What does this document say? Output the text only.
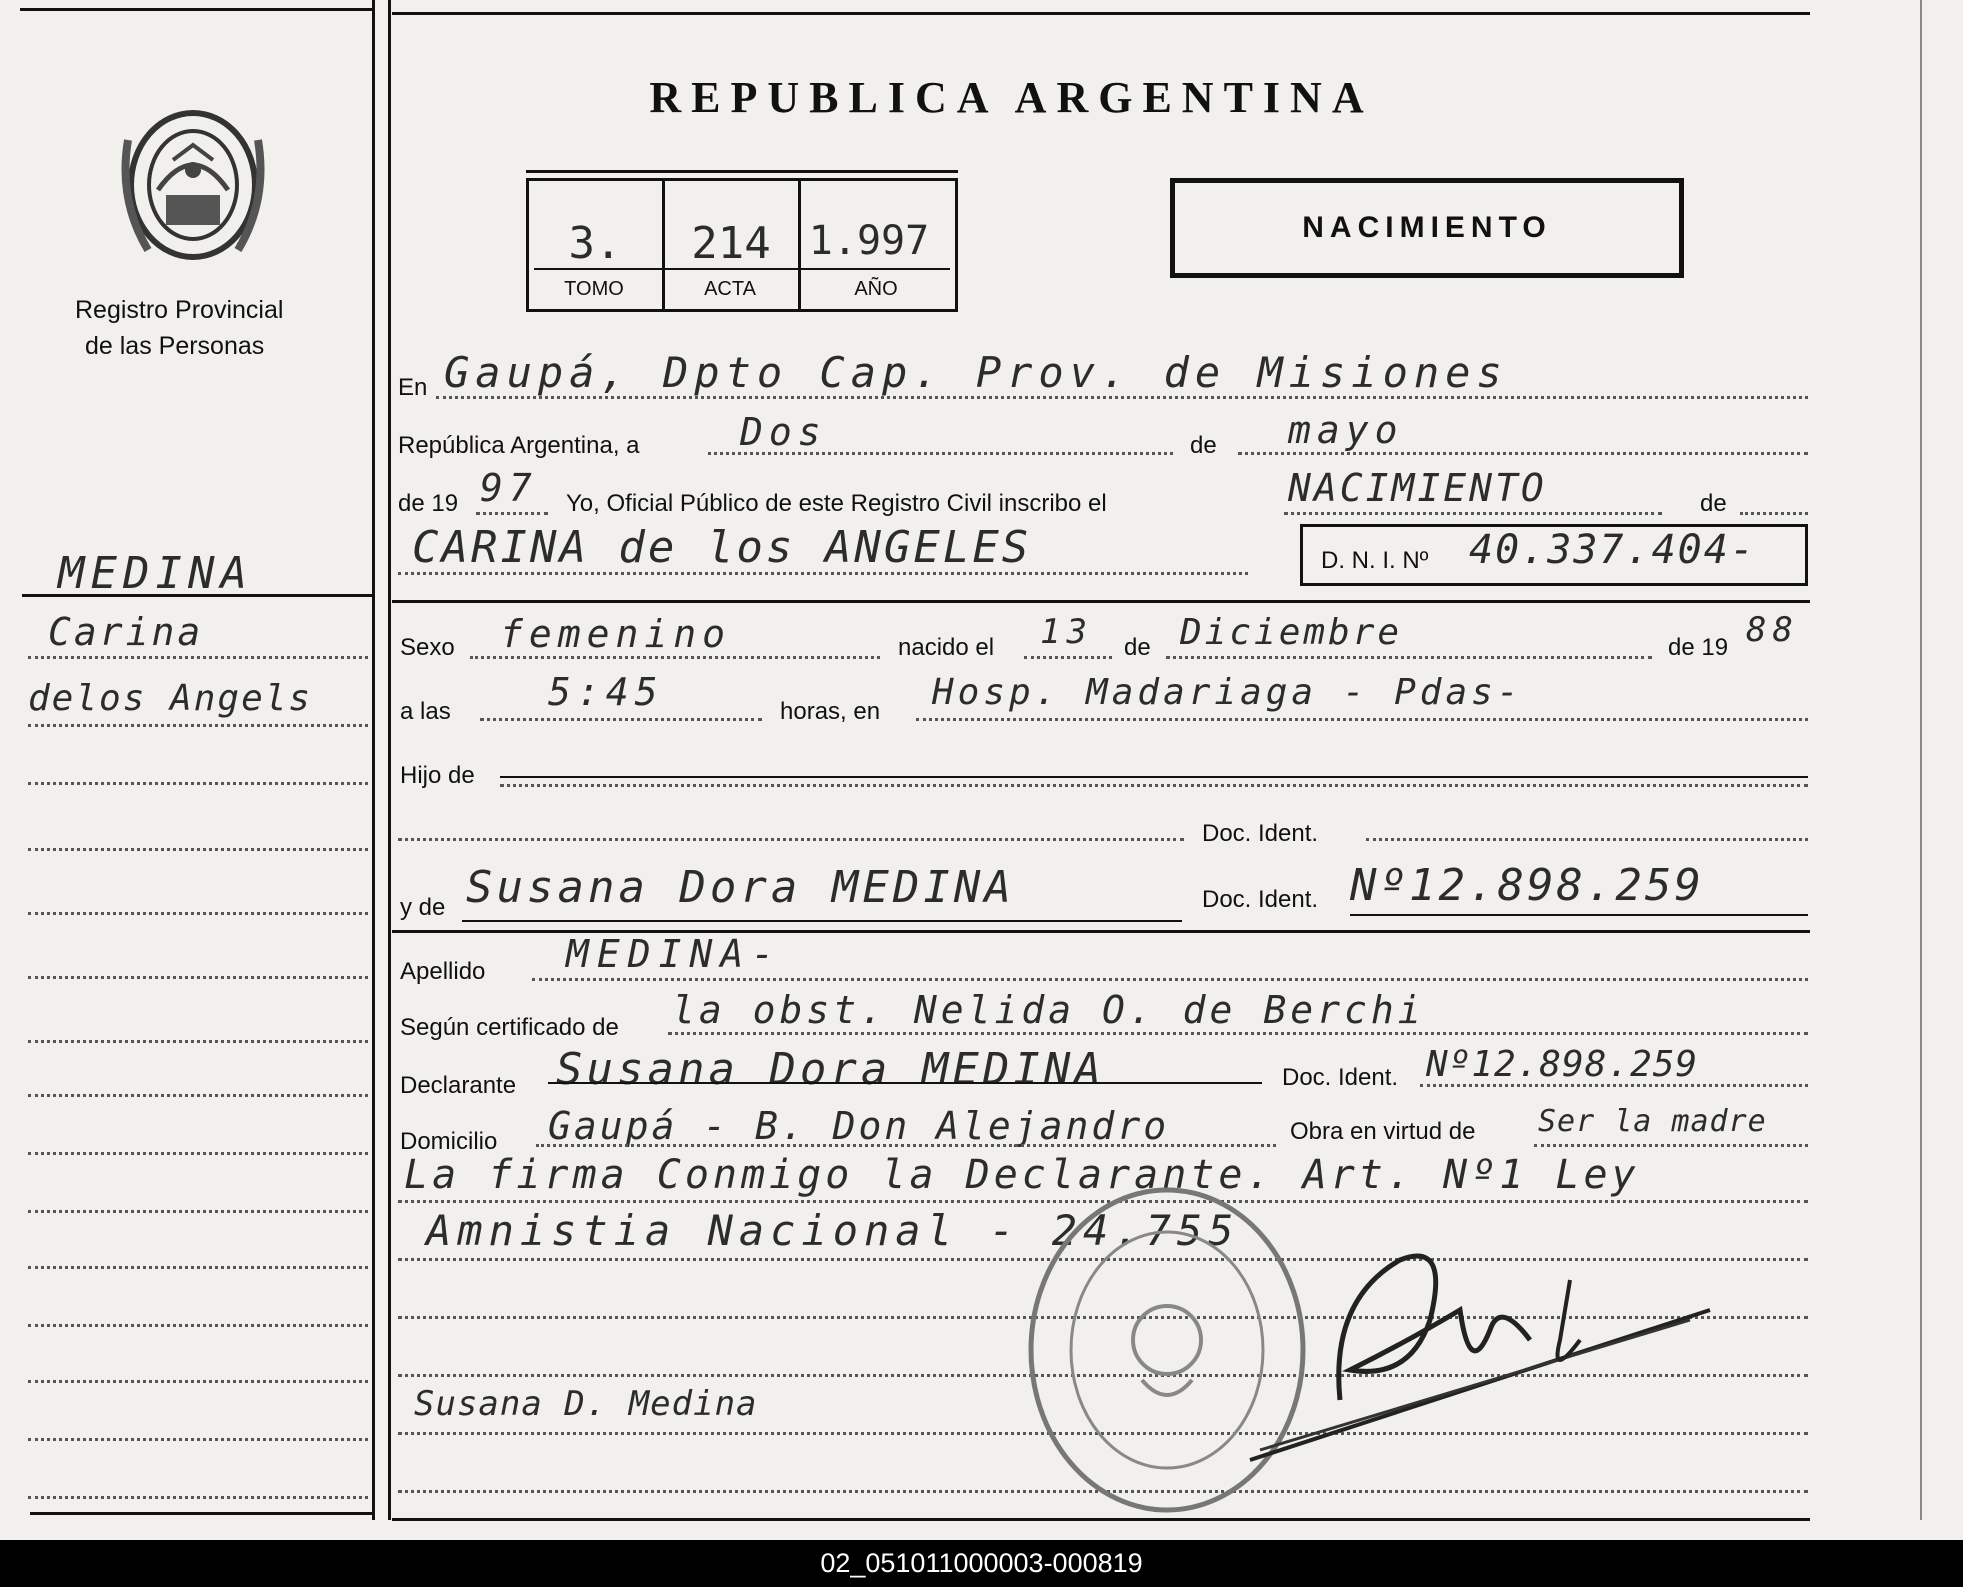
Registro Provincial
de las Personas
REPUBLICA ARGENTINA
3.	214 1.997
TOMO	ACTA	AÑO
NACIMIENTO
MEDINA
Carina
delos Angels
En Gaupá, Dpto Cap. Prov. de Misiones
República Argentina, a	Dos	de mayo
de 19 97 Yo, Oficial Público de este Registro Civil inscribo el	NACIMIENTO	de
CARINA de los ANGELES	D. N. I. Nº 40.337.404-
Sexo femenino	nacido el 13 de Diciembre	de 19 88
a las	5:45	horas, en Hosp. Madariaga - Pdas-
Hijo de
Doc. Ident.
y de Susana Dora MEDINA	Doc. Ident. Nº12.898.259
Apellido MEDINA-
Según certificado de la obst. Nelida O. de Berchi
Declarante Susana Dora MEDINA	Doc. Ident. Nº12.898.259
Domicilio Gaupá - B. Don Alejandro	Obra en virtud de Ser la madre
La firma Conmigo la Declarante. Art. Nº1 Ley
Amnistia Nacional - 24.755
Susana D. Medina
02_051011000003-000819
